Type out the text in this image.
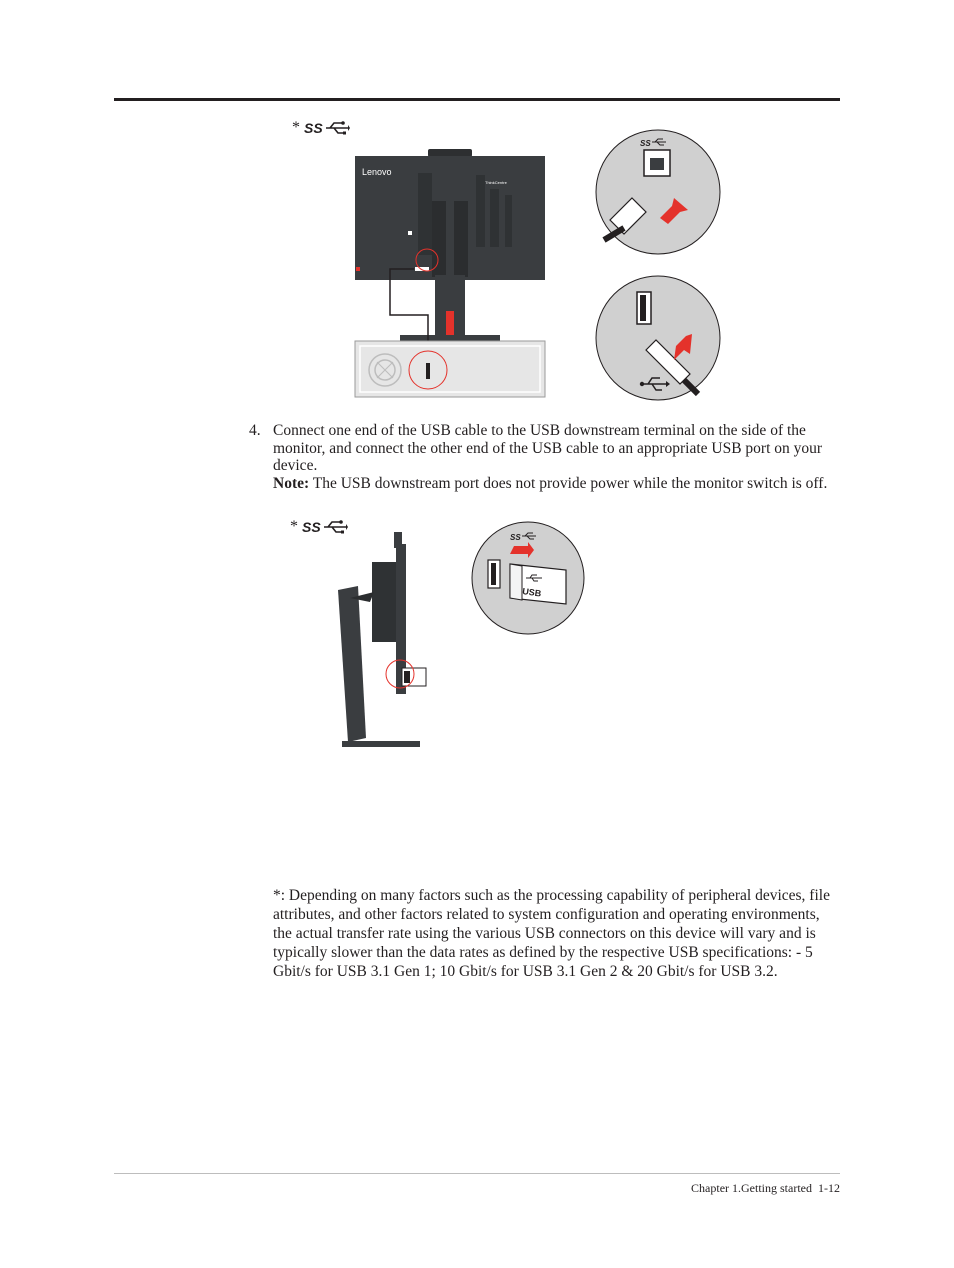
* SS
Lenovo
ThinkCentre
SS
4. Connect one end of the USB cable to the USB downstream terminal on the side of the monitor, and connect the other end of the USB cable to an appropriate USB port on your device.
Note: The USB downstream port does not provide power while the monitor switch is off.
* SS
SS
USB
*: Depending on many factors such as the processing capability of peripheral devices, file attributes, and other factors related to system configuration and operating environments, the actual transfer rate using the various USB connectors on this device will vary and is typically slower than the data rates as defined by the respective USB specifications: - 5 Gbit/s for USB 3.1 Gen 1; 10 Gbit/s for USB 3.1 Gen 2 & 20 Gbit/s for USB 3.2.
Chapter 1.Getting started 1-12
